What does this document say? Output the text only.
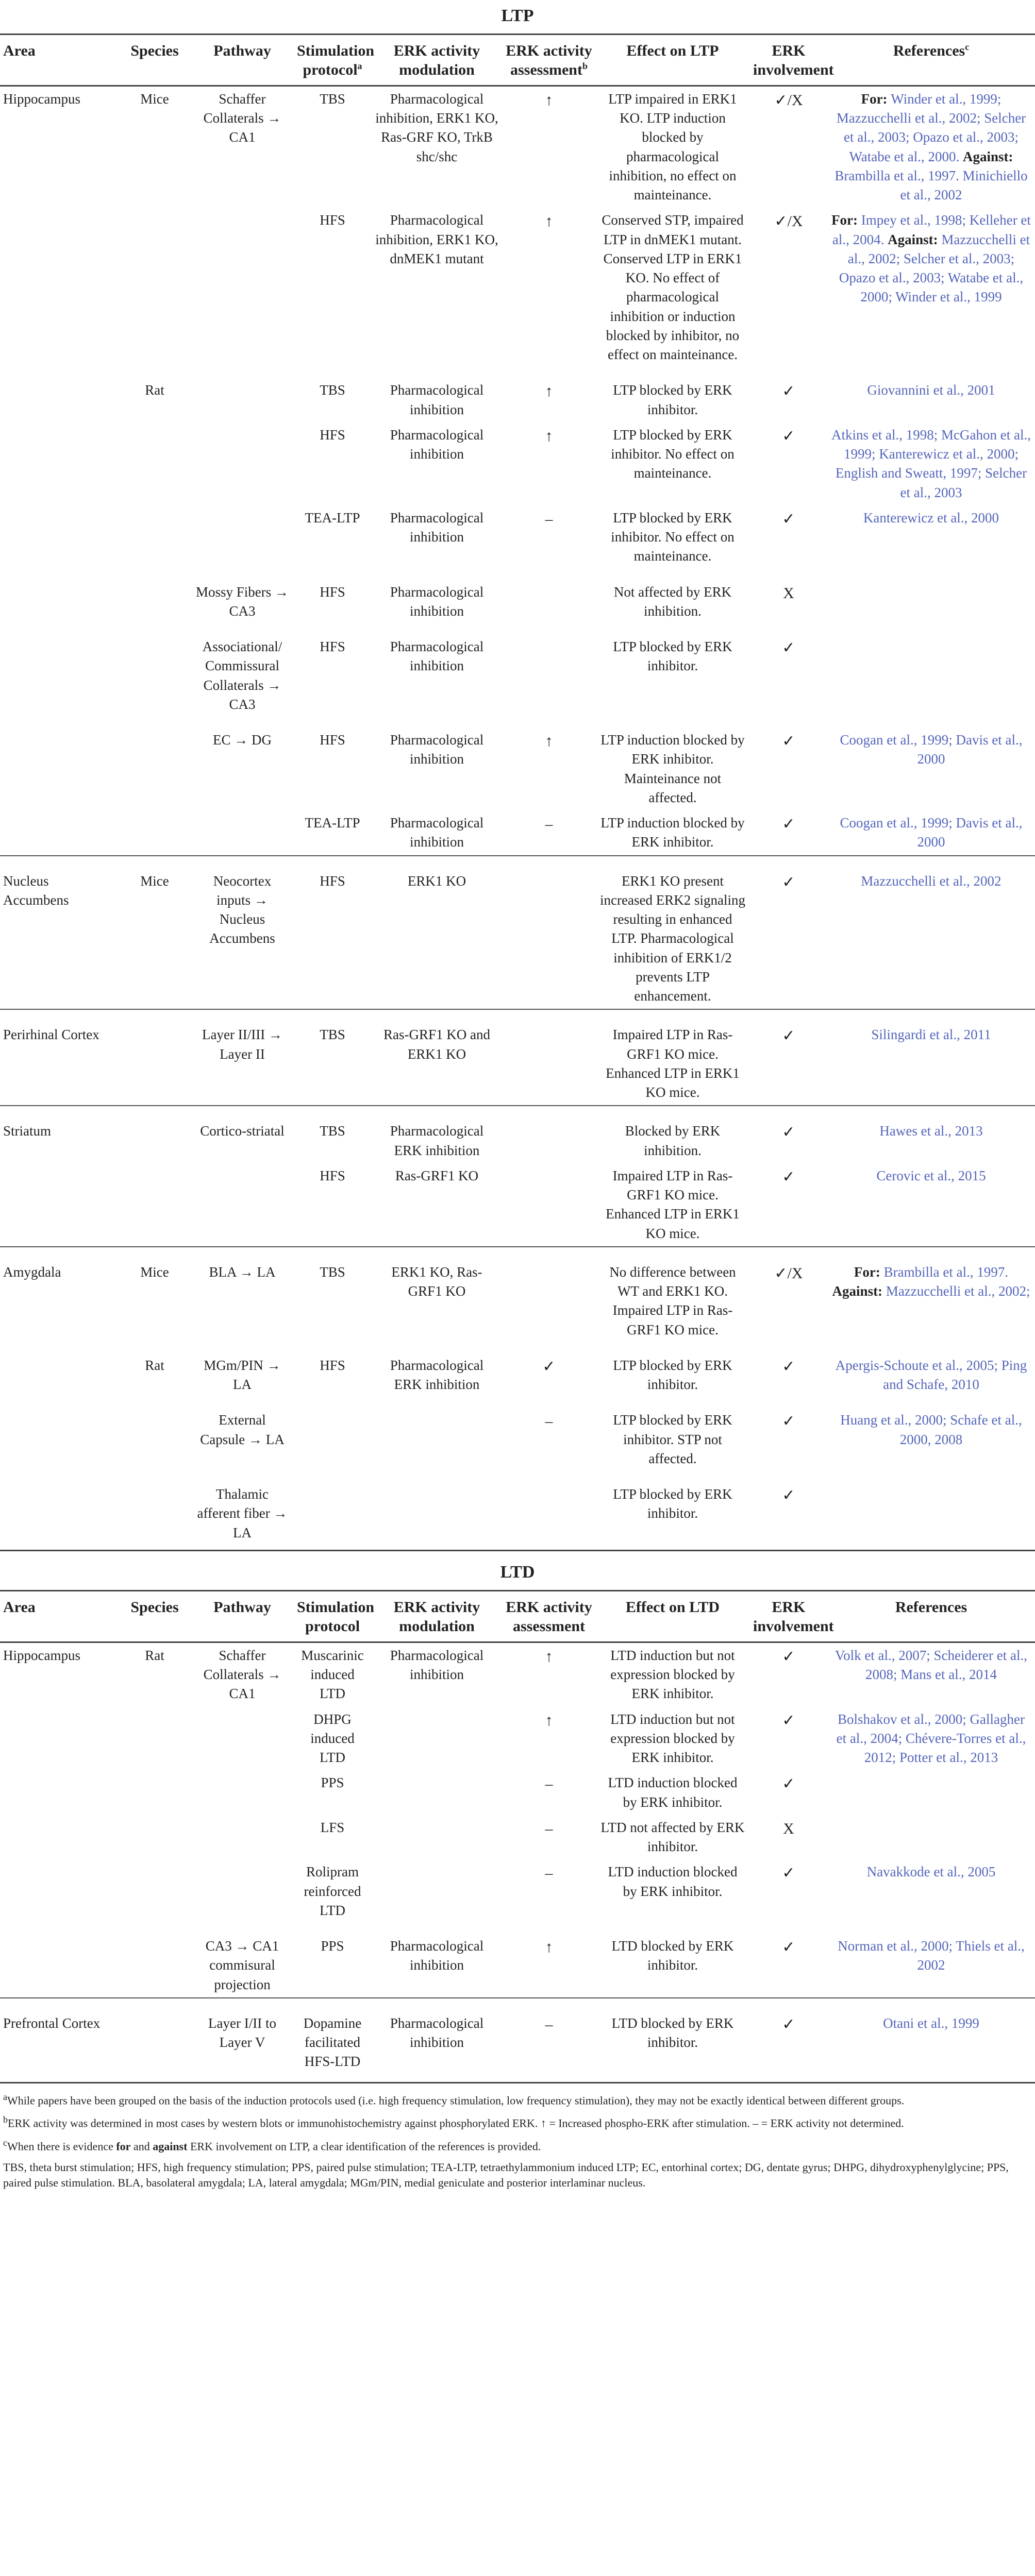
LTP
Area	Species	Pathway	Stimulation protocol$^a$	ERK activity modulation	ERK activity assessment$^b$	Effect on LTP	ERK involvement	References$^c$
Hippocampus	Mice	Schaffer Collaterals → CA1	TBS	Pharmacological inhibition, ERK1 KO, Ras-GRF KO, TrkB shc/shc	↑	LTP impaired in ERK1 KO. LTP induction blocked by pharmacological inhibition, no effect on mainteinance.	✓/X	For: Winder et al., 1999; Mazzucchelli et al., 2002; Selcher et al., 2003; Opazo et al., 2003; Watabe et al., 2000. Against: Brambilla et al., 1997. Minichiello et al., 2002
			HFS	Pharmacological inhibition, ERK1 KO, dnMEK1 mutant	↑	Conserved STP, impaired LTP in dnMEK1 mutant. Conserved LTP in ERK1 KO. No effect of pharmacological inhibition or induction blocked by inhibitor, no effect on mainteinance.	✓/X	For: Impey et al., 1998; Kelleher et al., 2004. Against: Mazzucchelli et al., 2002; Selcher et al., 2003; Opazo et al., 2003; Watabe et al., 2000; Winder et al., 1999
	Rat		TBS	Pharmacological inhibition	↑	LTP blocked by ERK inhibitor.	✓	Giovannini et al., 2001
			HFS	Pharmacological inhibition	↑	LTP blocked by ERK inhibitor. No effect on mainteinance.	✓	Atkins et al., 1998; McGahon et al., 1999; Kanterewicz et al., 2000; English and Sweatt, 1997; Selcher et al., 2003
			TEA-LTP	Pharmacological inhibition	–	LTP blocked by ERK inhibitor. No effect on mainteinance.	✓	Kanterewicz et al., 2000
		Mossy Fibers → CA3	HFS	Pharmacological inhibition		Not affected by ERK inhibition.	X	
		Associational/ Commissural Collaterals → CA3	HFS	Pharmacological inhibition		LTP blocked by ERK inhibitor.	✓	
		EC → DG	HFS	Pharmacological inhibition	↑	LTP induction blocked by ERK inhibitor. Mainteinance not affected.	✓	Coogan et al., 1999; Davis et al., 2000
			TEA-LTP	Pharmacological inhibition	–	LTP induction blocked by ERK inhibitor.	✓	Coogan et al., 1999; Davis et al., 2000
Nucleus Accumbens	Mice	Neocortex inputs → Nucleus Accumbens	HFS	ERK1 KO		ERK1 KO present increased ERK2 signaling resulting in enhanced LTP. Pharmacological inhibition of ERK1/2 prevents LTP enhancement.	✓	Mazzucchelli et al., 2002
Perirhinal Cortex		Layer II/III → Layer II	TBS	Ras-GRF1 KO and ERK1 KO		Impaired LTP in Ras-GRF1 KO mice. Enhanced LTP in ERK1 KO mice.	✓	Silingardi et al., 2011
Striatum		Cortico-striatal	TBS	Pharmacological ERK inhibition		Blocked by ERK inhibition.	✓	Hawes et al., 2013
			HFS	Ras-GRF1 KO		Impaired LTP in Ras-GRF1 KO mice. Enhanced LTP in ERK1 KO mice.	✓	Cerovic et al., 2015
Amygdala	Mice	BLA → LA	TBS	ERK1 KO, Ras-GRF1 KO		No difference between WT and ERK1 KO. Impaired LTP in Ras-GRF1 KO mice.	✓/X	For: Brambilla et al., 1997. Against: Mazzucchelli et al., 2002;
	Rat	MGm/PIN → LA	HFS	Pharmacological ERK inhibition	✓	LTP blocked by ERK inhibitor.	✓	Apergis-Schoute et al., 2005; Ping and Schafe, 2010
		External Capsule → LA			–	LTP blocked by ERK inhibitor. STP not affected.	✓	Huang et al., 2000; Schafe et al., 2000, 2008
		Thalamic afferent fiber → LA				LTP blocked by ERK inhibitor.	✓	
LTD
Area	Species	Pathway	Stimulation protocol	ERK activity modulation	ERK activity assessment	Effect on LTD	ERK involvement	References
Hippocampus	Rat	Schaffer Collaterals → CA1	Muscarinic induced LTD	Pharmacological inhibition	↑	LTD induction but not expression blocked by ERK inhibitor.	✓	Volk et al., 2007; Scheiderer et al., 2008; Mans et al., 2014
			DHPG induced LTD		↑	LTD induction but not expression blocked by ERK inhibitor.	✓	Bolshakov et al., 2000; Gallagher et al., 2004; Chévere-Torres et al., 2012; Potter et al., 2013
			PPS		–	LTD induction blocked by ERK inhibitor.	✓	
			LFS		–	LTD not affected by ERK inhibitor.	X	
			Rolipram reinforced LTD		–	LTD induction blocked by ERK inhibitor.	✓	Navakkode et al., 2005
		CA3 → CA1 commisural projection	PPS	Pharmacological inhibition	↑	LTD blocked by ERK inhibitor.	✓	Norman et al., 2000; Thiels et al., 2002
Prefrontal Cortex		Layer I/II to Layer V	Dopamine facilitated HFS-LTD	Pharmacological inhibition	–	LTD blocked by ERK inhibitor.	✓	Otani et al., 1999

$^a$While papers have been grouped on the basis of the induction protocols used (i.e. high frequency stimulation, low frequency stimulation), they may not be exactly identical between different groups.

$^b$ERK activity was determined in most cases by western blots or immunohistochemistry against phosphorylated ERK. ↑ = Increased phospho-ERK after stimulation. – = ERK activity not determined.

$^c$When there is evidence for and against ERK involvement on LTP, a clear identification of the references is provided.

TBS, theta burst stimulation; HFS, high frequency stimulation; PPS, paired pulse stimulation; TEA-LTP, tetraethylammonium induced LTP; EC, entorhinal cortex; DG, dentate gyrus; DHPG, dihydroxyphenylglycine; PPS, paired pulse stimulation. BLA, basolateral amygdala; LA, lateral amygdala; MGm/PIN, medial geniculate and posterior interlaminar nucleus.
